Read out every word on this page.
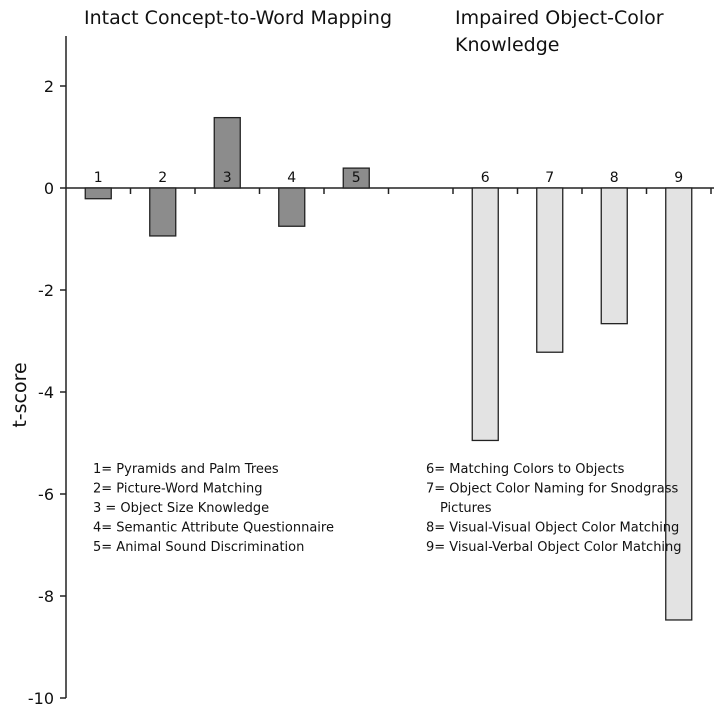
Intact Concept-to-Word Mapping	Impaired Object-Color
Knowledge
t-score
2
0
-2
-4
-6
-8
-10
1	2	3	4	5	6	7	8	9
1= Pyramids and Palm Trees
2= Picture-Word Matching
3 = Object Size Knowledge
4= Semantic Attribute Questionnaire
5= Animal Sound Discrimination
6= Matching Colors to Objects
7= Object Color Naming for Snodgrass
Pictures
8= Visual-Visual Object Color Matching
9= Visual-Verbal Object Color Matching
